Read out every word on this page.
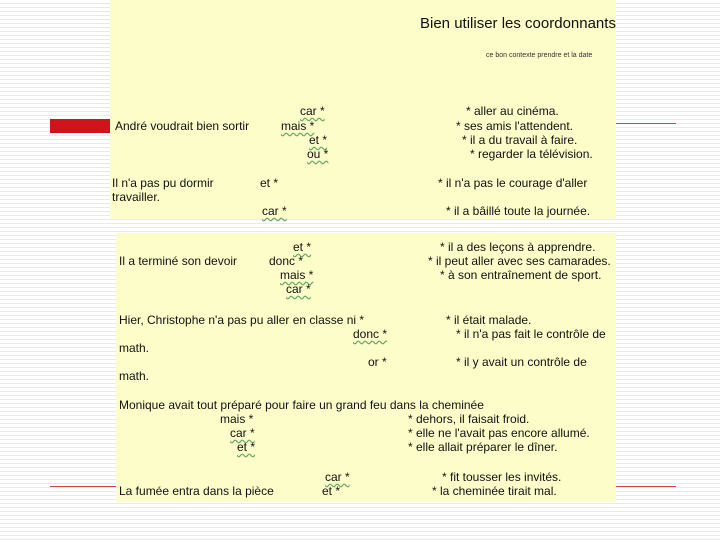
Bien utiliser les coordonnants
ce bon contexte prendre et la date
André voudrait bien sortir
car *
mais *
et *
ou *
* aller au cinéma.
* ses amis l'attendent.
* il a du travail à faire.
* regarder la télévision.
Il n'a pas pu dormir
travailler.
et *
car *
* il n'a pas le courage d'aller
* il a bâillé toute la journée.
Il a terminé son devoir
et *
donc *
mais *
car *
* il a des leçons à apprendre.
* il peut aller avec ses camarades.
* à son entraînement de sport.
Hier, Christophe n'a pas pu aller en classe ni *
donc *
math.
or *
math.
* il était malade.
* il n'a pas fait le contrôle de
* il y avait un contrôle de
Monique avait tout préparé pour faire un grand feu dans la cheminée
mais *
car *
et *
* dehors, il faisait froid.
* elle ne l'avait pas encore allumé.
* elle allait préparer le dîner.
La fumée entra dans la pièce
car *
et *
* fit tousser les invités.
* la cheminée tirait mal.
